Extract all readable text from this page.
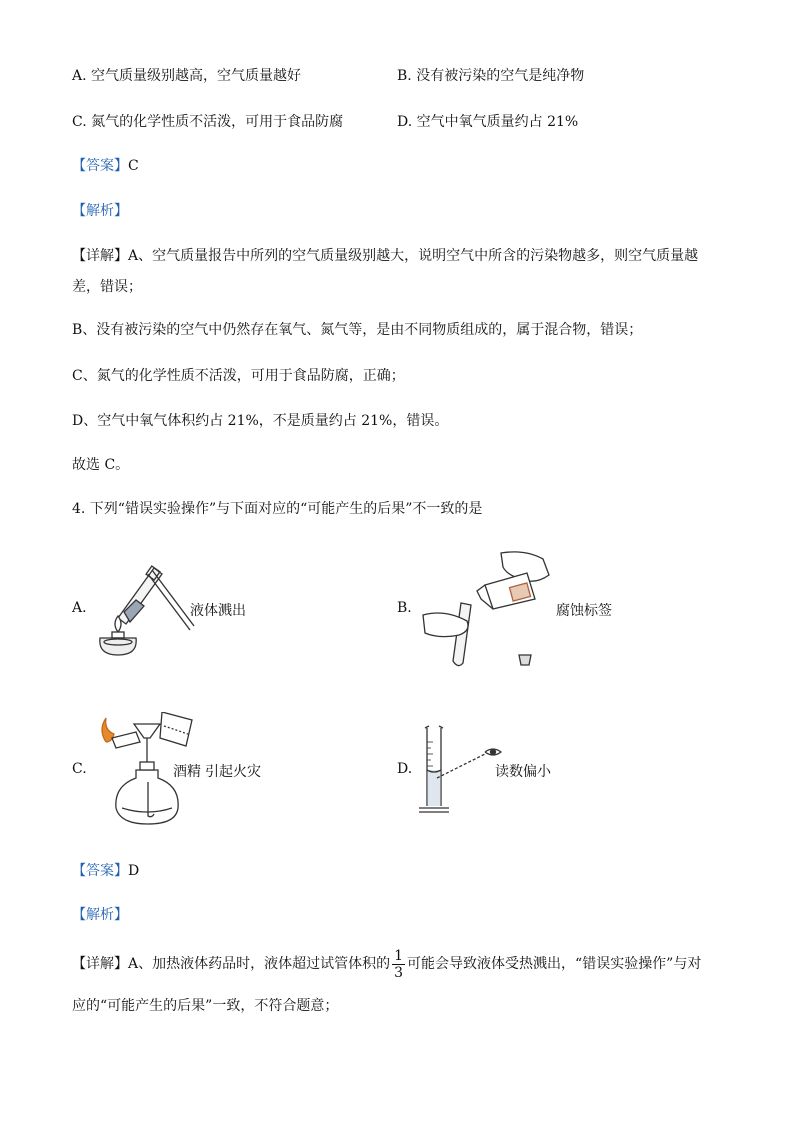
A. 空气质量级别越高，空气质量越好	B. 没有被污染的空气是纯净物
C. 氮气的化学性质不活泼，可用于食品防腐	D. 空气中氧气质量约占 21%
【答案】C
【解析】
【详解】A、空气质量报告中所列的空气质量级别越大，说明空气中所含的污染物越多，则空气质量越
差，错误；
B、没有被污染的空气中仍然存在氧气、氮气等，是由不同物质组成的，属于混合物，错误；
C、氮气的化学性质不活泼，可用于食品防腐，正确；
D、空气中氧气体积约占 21%，不是质量约占 21%，错误。
故选 C。
4. 下列“错误实验操作”与下面对应的“可能产生的后果”不一致的是
A.	液体溅出	B.	腐蚀标签
C.	酒精 引起火灾	D.	读数偏小
【答案】D
【解析】
【详解】A、加热液体药品时，液体超过试管体积的 $\frac{1}{3}$ 可能会导致液体受热溅出，“错误实验操作”与对
应的“可能产生的后果”一致，不符合题意；
